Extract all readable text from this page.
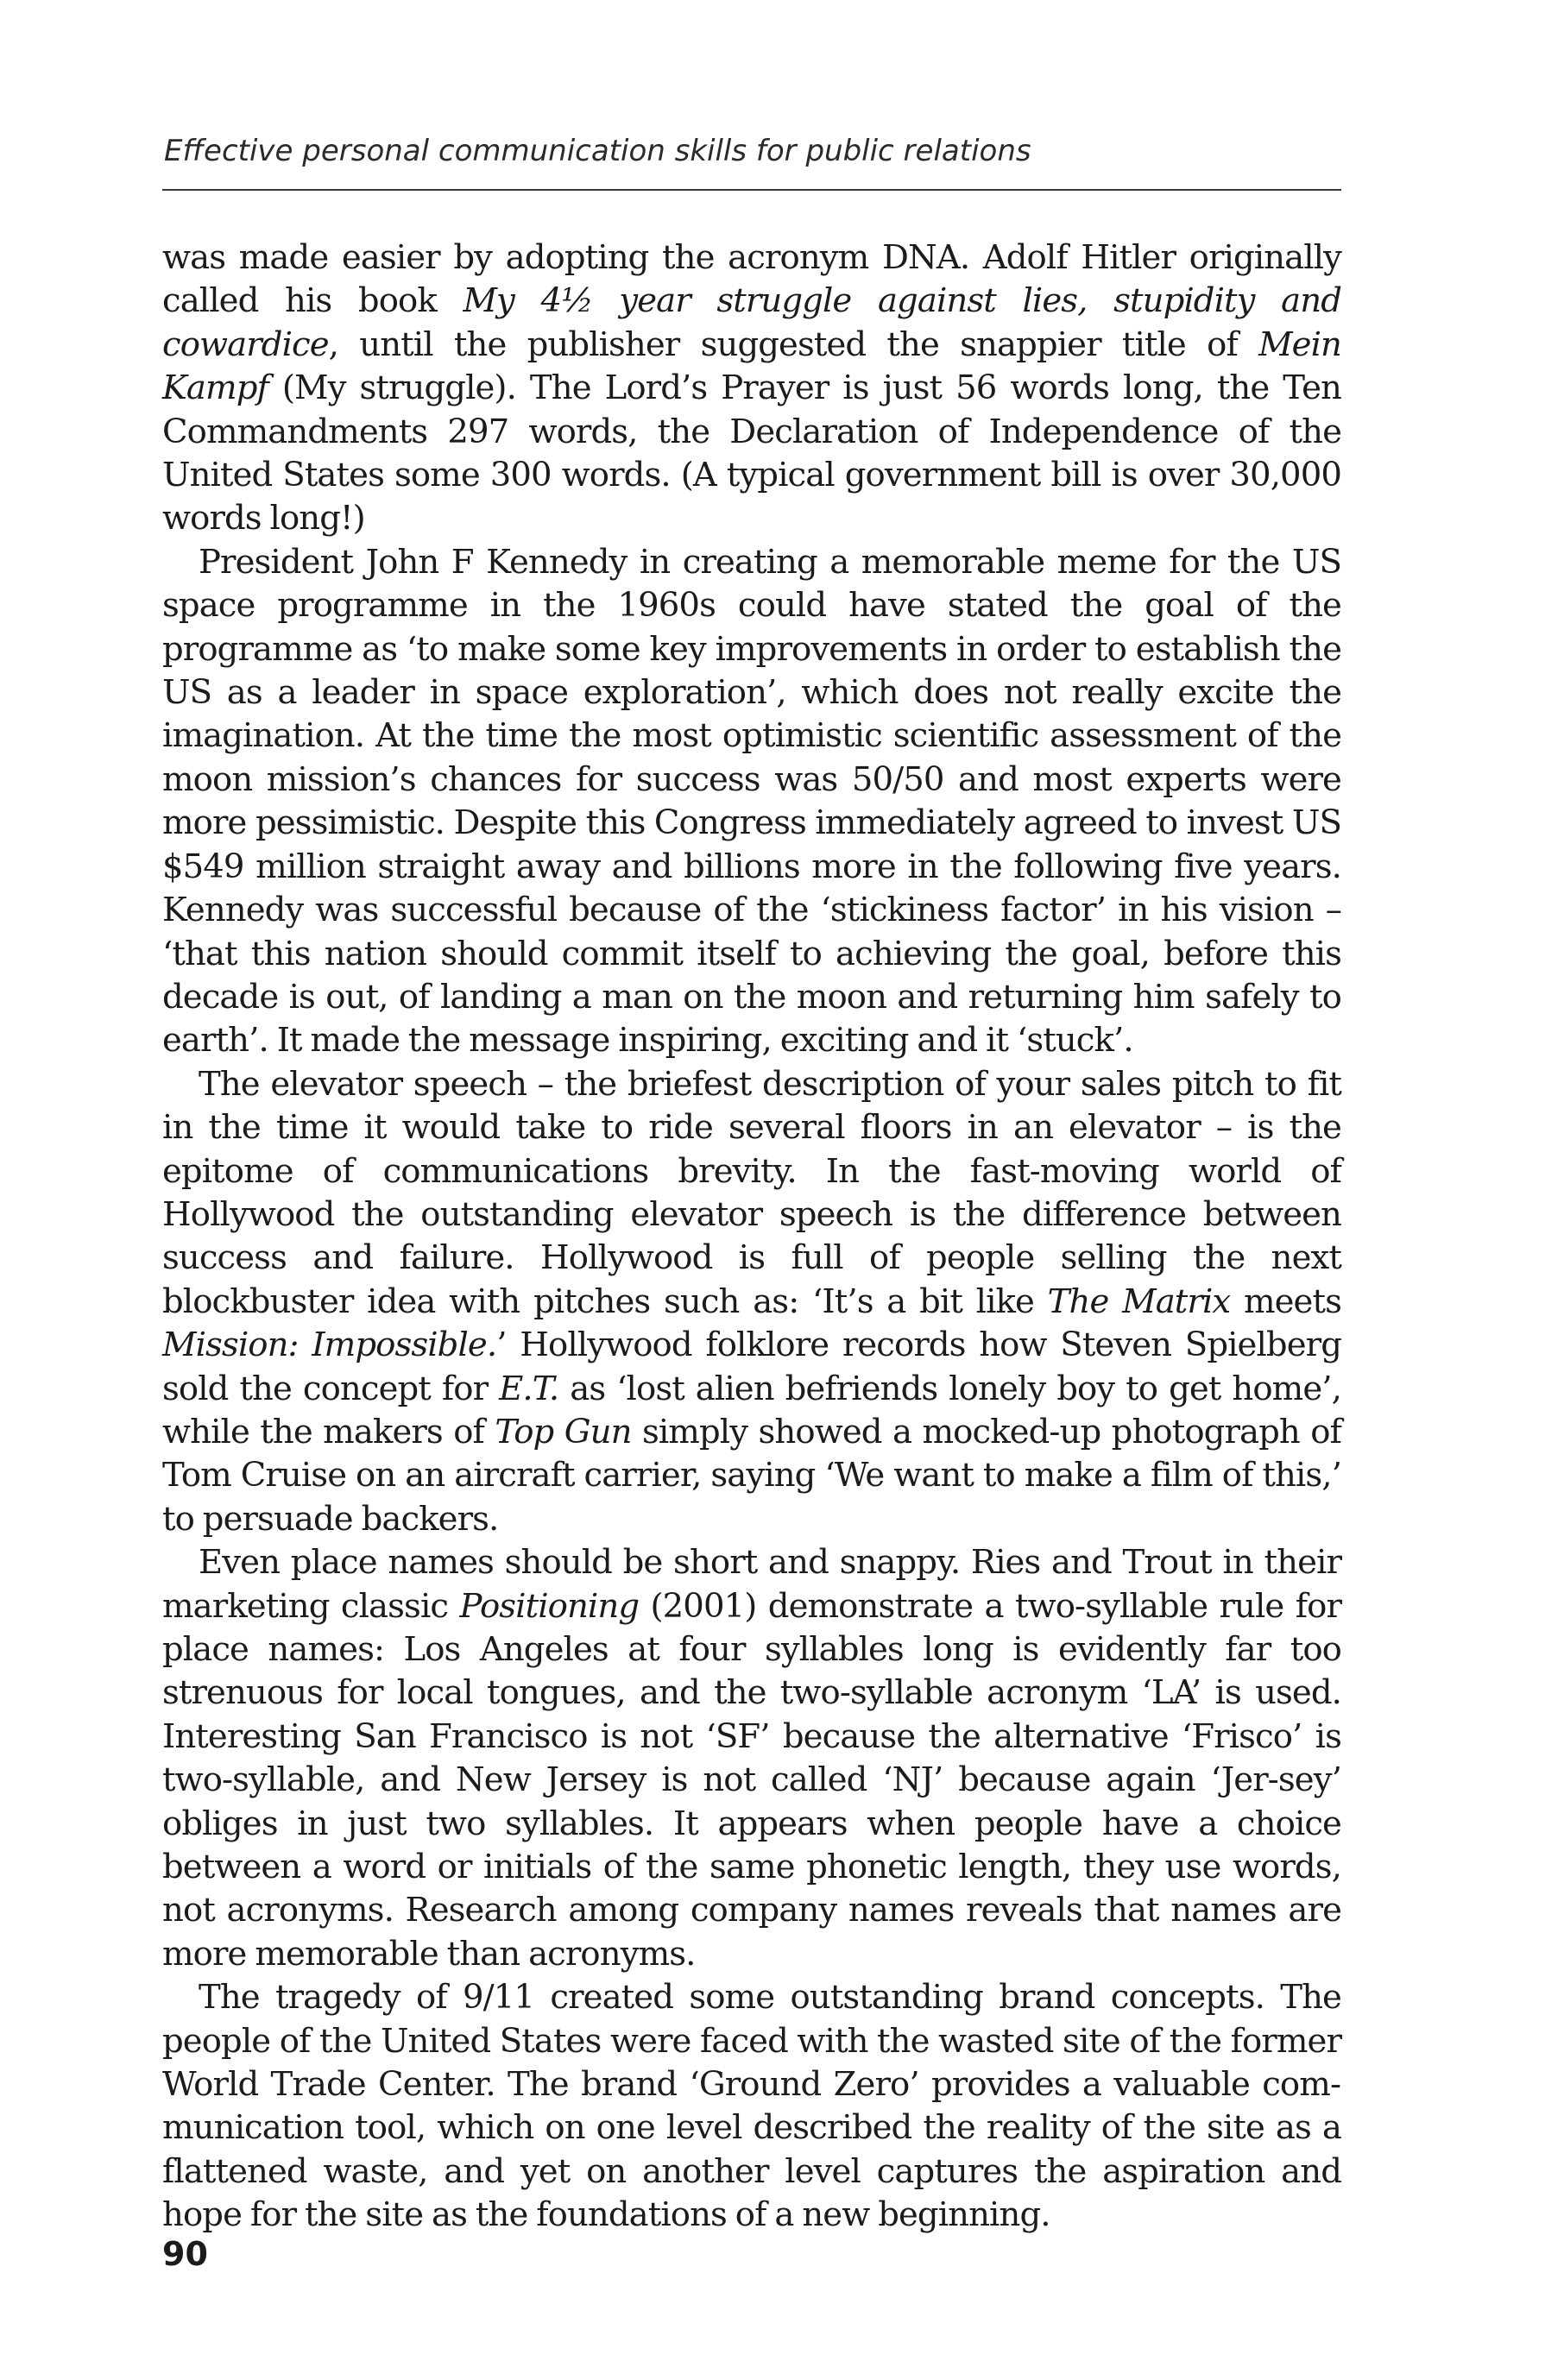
Effective personal communication skills for public relations

was made easier by adopting the acronym DNA. Adolf Hitler originally called his book My 4½ year struggle against lies, stupidity and cowardice, until the publisher suggested the snappier title of Mein Kampf (My struggle). The Lord’s Prayer is just 56 words long, the Ten Commandments 297 words, the Declaration of Independence of the United States some 300 words. (A typical government bill is over 30,000 words long!)

President John F Kennedy in creating a memorable meme for the US space programme in the 1960s could have stated the goal of the programme as ‘to make some key improvements in order to establish the US as a leader in space exploration’, which does not really excite the imagination. At the time the most optimistic scientific assessment of the moon mission’s chances for success was 50/50 and most experts were more pessimistic. Despite this Congress immediately agreed to invest US $549 million straight away and billions more in the following five years. Kennedy was successful because of the ‘stickiness factor’ in his vision – ‘that this nation should commit itself to achieving the goal, before this decade is out, of landing a man on the moon and returning him safely to earth’. It made the message inspiring, exciting and it ‘stuck’.

The elevator speech – the briefest description of your sales pitch to fit in the time it would take to ride several floors in an elevator – is the epitome of communications brevity. In the fast-moving world of Hollywood the outstanding elevator speech is the difference between success and failure. Hollywood is full of people selling the next blockbuster idea with pitches such as: ‘It’s a bit like The Matrix meets Mission: Impossible.’ Hollywood folklore records how Steven Spielberg sold the concept for E.T. as ‘lost alien befriends lonely boy to get home’, while the makers of Top Gun simply showed a mocked-up photograph of Tom Cruise on an aircraft carrier, saying ‘We want to make a film of this,’ to persuade backers.

Even place names should be short and snappy. Ries and Trout in their marketing classic Positioning (2001) demonstrate a two-syllable rule for place names: Los Angeles at four syllables long is evidently far too strenuous for local tongues, and the two-syllable acronym ‘LA’ is used. Interesting San Francisco is not ‘SF’ because the alternative ‘Frisco’ is two-syllable, and New Jersey is not called ‘NJ’ because again ‘Jer-sey’ obliges in just two syllables. It appears when people have a choice between a word or initials of the same phonetic length, they use words, not acronyms. Research among company names reveals that names are more memorable than acronyms.

The tragedy of 9/11 created some outstanding brand concepts. The people of the United States were faced with the wasted site of the former World Trade Center. The brand ‘Ground Zero’ provides a valuable communication tool, which on one level described the reality of the site as a flattened waste, and yet on another level captures the aspiration and hope for the site as the foundations of a new beginning.

90
